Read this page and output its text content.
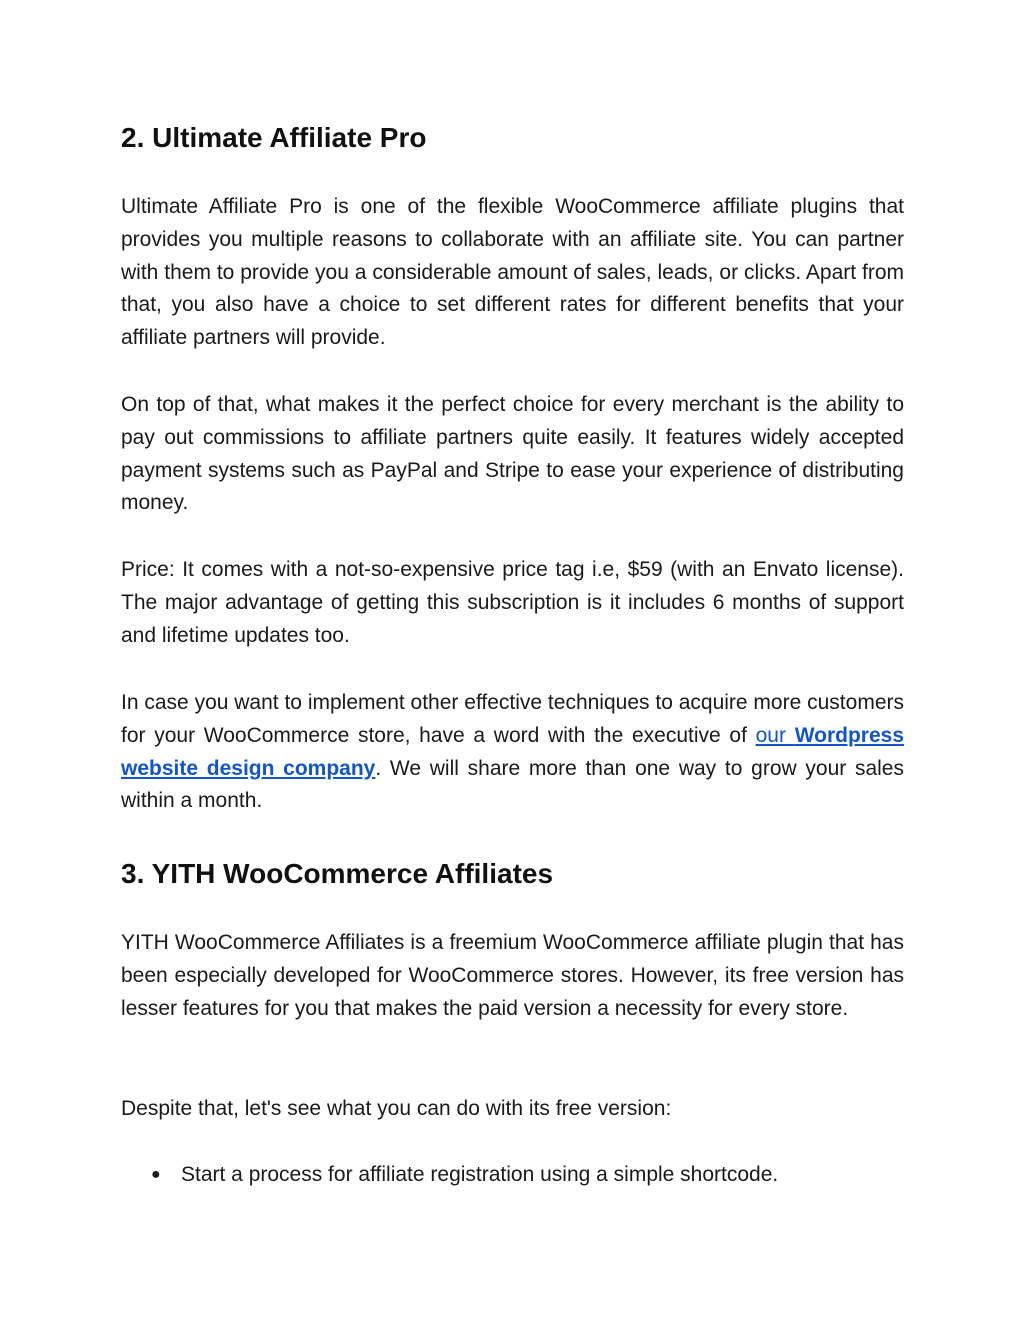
2. Ultimate Affiliate Pro

Ultimate Affiliate Pro is one of the flexible WooCommerce affiliate plugins that provides you multiple reasons to collaborate with an affiliate site. You can partner with them to provide you a considerable amount of sales, leads, or clicks. Apart from that, you also have a choice to set different rates for different benefits that your affiliate partners will provide.

On top of that, what makes it the perfect choice for every merchant is the ability to pay out commissions to affiliate partners quite easily. It features widely accepted payment systems such as PayPal and Stripe to ease your experience of distributing money.

Price: It comes with a not-so-expensive price tag i.e, $59 (with an Envato license). The major advantage of getting this subscription is it includes 6 months of support and lifetime updates too.

In case you want to implement other effective techniques to acquire more customers for your WooCommerce store, have a word with the executive of our Wordpress website design company. We will share more than one way to grow your sales within a month.

3. YITH WooCommerce Affiliates

YITH WooCommerce Affiliates is a freemium WooCommerce affiliate plugin that has been especially developed for WooCommerce stores. However, its free version has lesser features for you that makes the paid version a necessity for every store.

Despite that, let's see what you can do with its free version:

● Start a process for affiliate registration using a simple shortcode.
